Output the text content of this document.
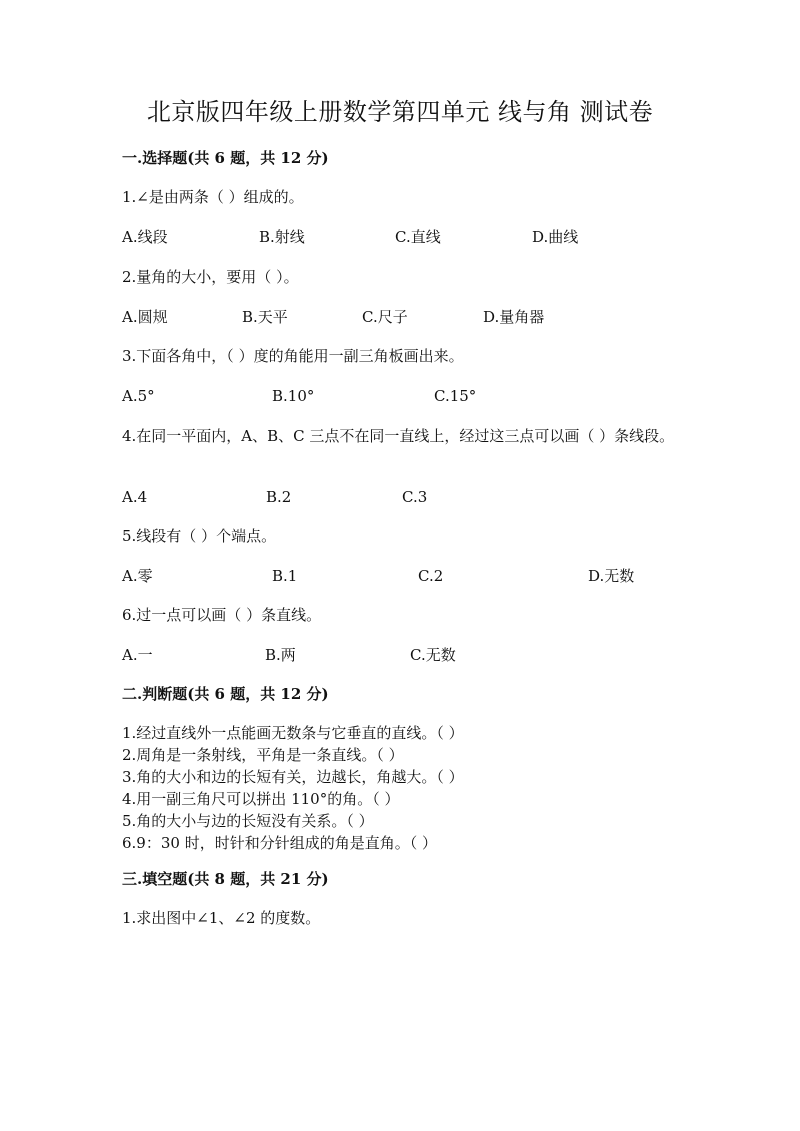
北京版四年级上册数学第四单元 线与角 测试卷
一.选择题(共 6 题，共 12 分)
1.∠是由两条（ ）组成的。
A.线段	B.射线	C.直线	D.曲线
2.量角的大小，要用（ ）。
A.圆规	B.天平	C.尺子	D.量角器
3.下面各角中，（ ）度的角能用一副三角板画出来。
A.5°	B.10°	C.15°
4.在同一平面内，A、B、C 三点不在同一直线上，经过这三点可以画（ ）条线段。
A.4	B.2	C.3
5.线段有（ ）个端点。
A.零	B.1	C.2	D.无数
6.过一点可以画（ ）条直线。
A.一	B.两	C.无数
二.判断题(共 6 题，共 12 分)
1.经过直线外一点能画无数条与它垂直的直线。（ ）
2.周角是一条射线，平角是一条直线。（ ）
3.角的大小和边的长短有关，边越长，角越大。（ ）
4.用一副三角尺可以拼出 110°的角。（ ）
5.角的大小与边的长短没有关系。（ ）
6.9：30 时，时针和分针组成的角是直角。（ ）
三.填空题(共 8 题，共 21 分)
1.求出图中∠1、∠2 的度数。
